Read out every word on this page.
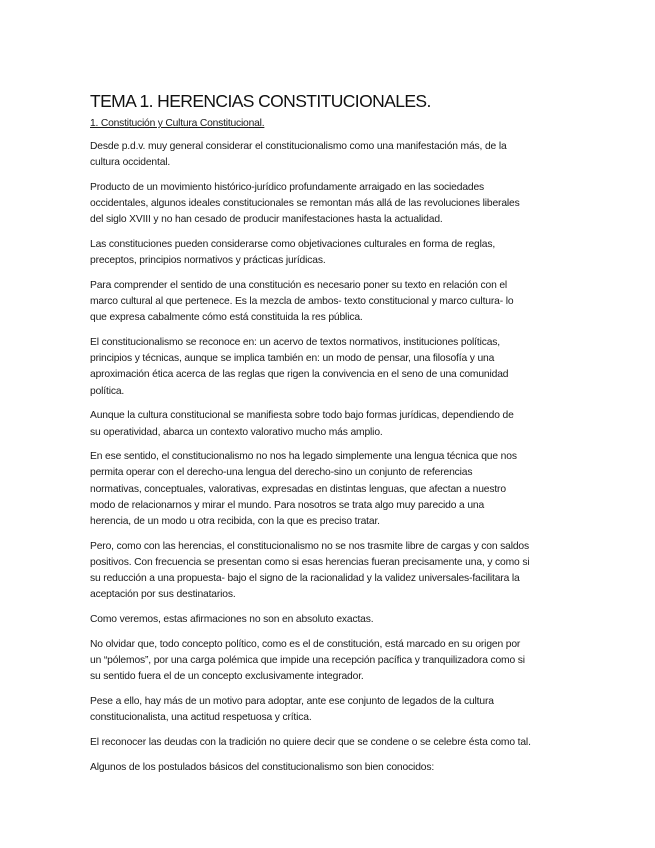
TEMA 1. HERENCIAS CONSTITUCIONALES.
1. Constitución y Cultura Constitucional.

Desde p.d.v. muy general considerar el constitucionalismo como una manifestación más, de la
cultura occidental.

Producto de un movimiento histórico-jurídico profundamente arraigado en las sociedades
occidentales, algunos ideales constitucionales se remontan más allá de las revoluciones liberales
del siglo XVIII y no han cesado de producir manifestaciones hasta la actualidad.

Las constituciones pueden considerarse como objetivaciones culturales en forma de reglas,
preceptos, principios normativos y prácticas jurídicas.

Para comprender el sentido de una constitución es necesario poner su texto en relación con el
marco cultural al que pertenece. Es la mezcla de ambos- texto constitucional y marco cultura- lo
que expresa cabalmente cómo está constituida la res pública.

El constitucionalismo se reconoce en: un acervo de textos normativos, instituciones políticas,
principios y técnicas, aunque se implica también en: un modo de pensar, una filosofía y una
aproximación ética acerca de las reglas que rigen la convivencia en el seno de una comunidad
política.

Aunque la cultura constitucional se manifiesta sobre todo bajo formas jurídicas, dependiendo de
su operatividad, abarca un contexto valorativo mucho más amplio.

En ese sentido, el constitucionalismo no nos ha legado simplemente una lengua técnica que nos
permita operar con el derecho-una lengua del derecho-sino un conjunto de referencias
normativas, conceptuales, valorativas, expresadas en distintas lenguas, que afectan a nuestro
modo de relacionarnos y mirar el mundo. Para nosotros se trata algo muy parecido a una
herencia, de un modo u otra recibida, con la que es preciso tratar.

Pero, como con las herencias, el constitucionalismo no se nos trasmite libre de cargas y con saldos
positivos. Con frecuencia se presentan como si esas herencias fueran precisamente una, y como si
su reducción a una propuesta- bajo el signo de la racionalidad y la validez universales-facilitara la
aceptación por sus destinatarios.

Como veremos, estas afirmaciones no son en absoluto exactas.

No olvidar que, todo concepto político, como es el de constitución, está marcado en su origen por
un “pólemos”, por una carga polémica que impide una recepción pacífica y tranquilizadora como si
su sentido fuera el de un concepto exclusivamente integrador.

Pese a ello, hay más de un motivo para adoptar, ante ese conjunto de legados de la cultura
constitucionalista, una actitud respetuosa y crítica.

El reconocer las deudas con la tradición no quiere decir que se condene o se celebre ésta como tal.

Algunos de los postulados básicos del constitucionalismo son bien conocidos:
